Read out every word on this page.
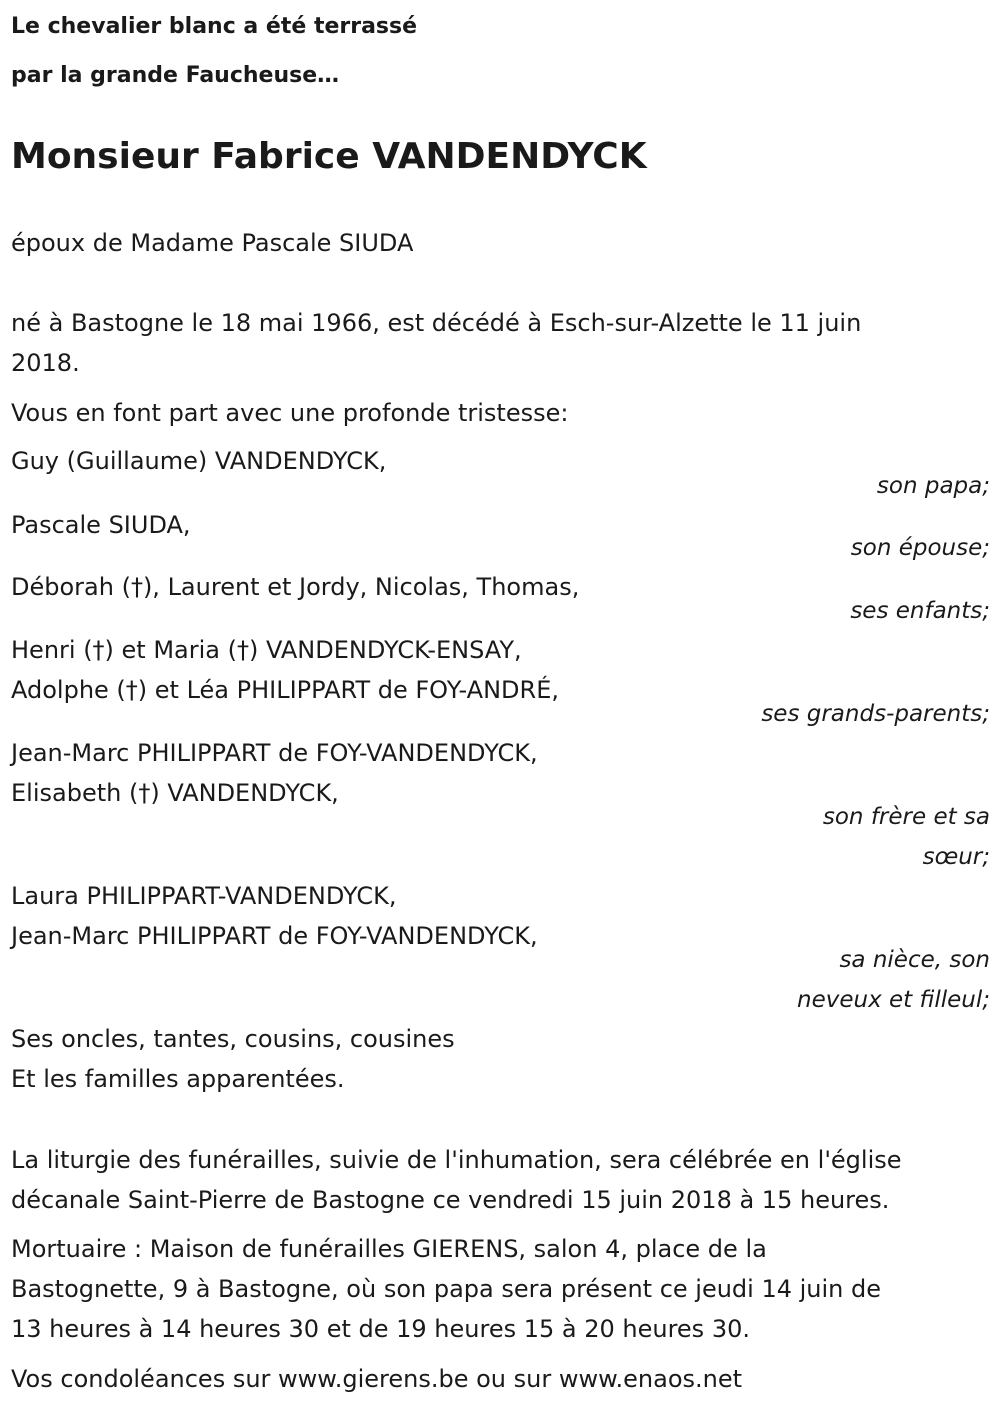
Le chevalier blanc a été terrassé
par la grande Faucheuse…
Monsieur Fabrice VANDENDYCK
époux de Madame Pascale SIUDA
né à Bastogne le 18 mai 1966, est décédé à Esch-sur-Alzette le 11 juin
2018.
Vous en font part avec une profonde tristesse:
Guy (Guillaume) VANDENDYCK,
son papa;
Pascale SIUDA,
son épouse;
Déborah (†), Laurent et Jordy, Nicolas, Thomas,
ses enfants;
Henri (†) et Maria (†) VANDENDYCK-ENSAY,
Adolphe (†) et Léa PHILIPPART de FOY-ANDRÉ,
ses grands-parents;
Jean-Marc PHILIPPART de FOY-VANDENDYCK,
Elisabeth (†) VANDENDYCK,
son frère et sa
sœur;
Laura PHILIPPART-VANDENDYCK,
Jean-Marc PHILIPPART de FOY-VANDENDYCK,
sa nièce, son
neveux et filleul;
Ses oncles, tantes, cousins, cousines
Et les familles apparentées.
La liturgie des funérailles, suivie de l'inhumation, sera célébrée en l'église
décanale Saint-Pierre de Bastogne ce vendredi 15 juin 2018 à 15 heures.
Mortuaire : Maison de funérailles GIERENS, salon 4, place de la
Bastognette, 9 à Bastogne, où son papa sera présent ce jeudi 14 juin de
13 heures à 14 heures 30 et de 19 heures 15 à 20 heures 30.
Vos condoléances sur www.gierens.be ou sur www.enaos.net
